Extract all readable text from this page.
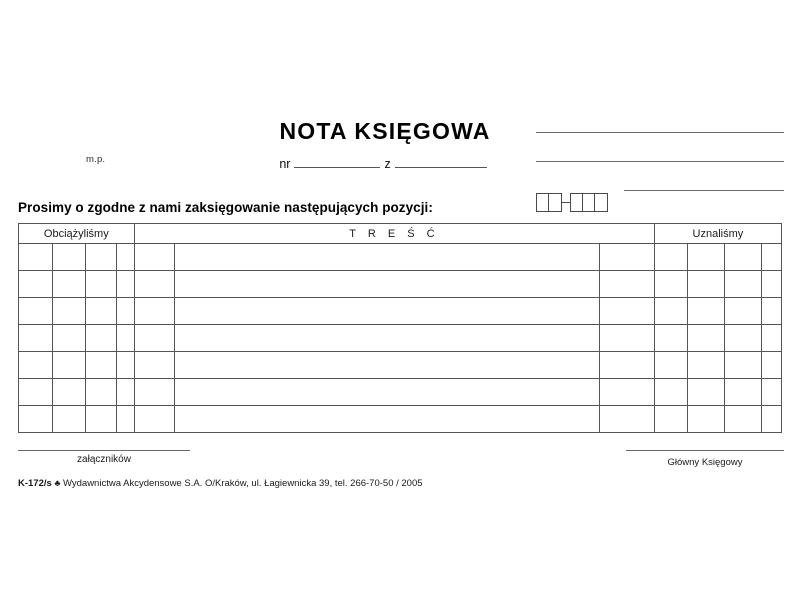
m.p.
NOTA KSIĘGOWA
nr	z
Prosimy o zgodne z nami zaksięgowanie następujących pozycji:
Obciążyliśmy				T R E Ś Ć			Uznaliśmy			

załączników
K-172/s ♣ Wydawnictwa Akcydensowe S.A. O/Kraków, ul. Łagiewnicka 39, tel. 266-70-50 / 2005
Główny Księgowy
